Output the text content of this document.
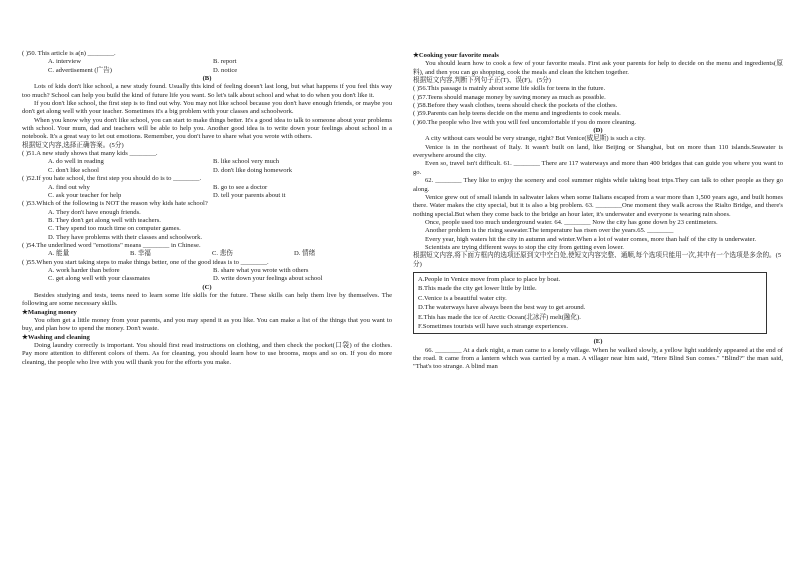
( )50. This article is a(n) ________.

A. interview	B. report
C. advertisement (广告)	D. notice

(B)

Lots of kids don't like school, a new study found. Usually this kind of feeling doesn't last long, but what happens if you feel this way too much? School can help you build the kind of future life you want. So let's talk about school and what to do when you don't like it.

If you don't like school, the first step is to find out why. You may not like school because you don't have enough friends, or maybe you don't get along well with your teacher. Sometimes it's a big problem with your classes and schoolwork.

When you know why you don't like school, you can start to make things better. It's a good idea to talk to someone about your problems with school. Your mum, dad and teachers will be able to help you. Another good idea is to write down your feelings about school in a notebook. It's a great way to let out emotions. Remember, you don't have to share what you wrote with others.

根据短文内容,选择正确答案。(5分)

( )51.A new study shows that many kids ________.

A. do well in reading	B. like school very much
C. don't like school	D. don't like doing homework

( )52.If you hate school, the first step you should do is to ________.

A. find out why	B. go to see a doctor
C. ask your teacher for help	D. tell your parents about it

( )53.Which of the following is NOT the reason why kids hate school?

A. They don't have enough friends.

B. They don't get along well with teachers.

C. They spend too much time on computer games.

D. They have problems with their classes and schoolwork.

( )54.The underlined word "emotions" means ________ in Chinese.

A. 能量	B. 幸福	C. 悲伤	D. 情绪

( )55.When you start taking steps to make things better, one of the good ideas is to ________.

A. work harder than before	B. share what you wrote with others
C. get along well with your classmates	D. write down your feelings about school

(C)

Besides studying and tests, teens need to learn some life skills for the future. These skills can help them live by themselves. The following are some necessary skills.

★Managing money

You often get a little money from your parents, and you may spend it as you like. You can make a list of the things that you want to buy, and plan how to spend the money. Don't waste.

★Washing and cleaning

Doing laundry correctly is important. You should first read instructions on clothing, and then check the pocket(口袋) of the clothes. Pay more attention to different colors of them. As for cleaning, you should learn how to use brooms, mops and so on. If you do more cleaning, the people who live with you will thank you for the efforts you make.

★Cooking your favorite meals

You should learn how to cook a few of your favorite meals. First ask your parents for help to decide on the menu and ingredients(原料), and then you can go shopping, cook the meals and clean the kitchen together.

根据短文内容,判断下列句子正(T)、误(F)。(5分)

( )56.This passage is mainly about some life skills for teens in the future.

( )57.Teens should manage money by saving money as much as possible.

( )58.Before they wash clothes, teens should check the pockets of the clothes.

( )59.Parents can help teens decide on the menu and ingredients to cook meals.

( )60.The people who live with you will feel uncomfortable if you do more cleaning.

(D)

A city without cars would be very strange, right? But Venice(威尼斯) is such a city.

Venice is in the northeast of Italy. It wasn't built on land, like Beijing or Shanghai, but on more than 110 islands.Seawater is everywhere around the city.

Even so, travel isn't difficult. 61. ________ There are 117 waterways and more than 400 bridges that can guide you where you want to go.

62. ________ They like to enjoy the scenery and cool summer nights while taking boat trips.They can talk to other people as they go along.

Venice grew out of small islands in saltwater lakes when some Italians escaped from a war more than 1,500 years ago, and built homes there. Water makes the city special, but it is also a big problem. 63. ________One moment they walk across the Rialto Bridge, and there's nothing special.But when they come back to the bridge an hour later, it's underwater and everyone is wearing rain shoes.

Once, people used too much underground water. 64. ________ Now the city has gone down by 23 centimeters.

Another problem is the rising seawater.The temperature has risen over the years.65. ________

Every year, high waters hit the city in autumn and winter.When a lot of water comes, more than half of the city is underwater.

Scientists are trying different ways to stop the city from getting even lower.

根据短文内容,将下面方框内的选项还原到文中空白处,使短文内容完整、通顺,每个选项只能用一次,其中有一个选项是多余的。(5分)

A.People in Venice move from place to place by boat.

B.This made the city get lower little by little.

C.Venice is a beautiful water city.

D.The waterways have always been the best way to get around.

E.This has made the ice of Arctic Ocean(北冰洋) melt(融化).

F.Sometimes tourists will have such strange experiences.

(E)

66. ________ At a dark night, a man came to a lonely village. When he walked slowly, a yellow light suddenly appeared at the end of the road. It came from a lantern which was carried by a man. A villager near him said, "Here Blind Sun comes." "Blind?" the man said, "That's too strange. A blind man
